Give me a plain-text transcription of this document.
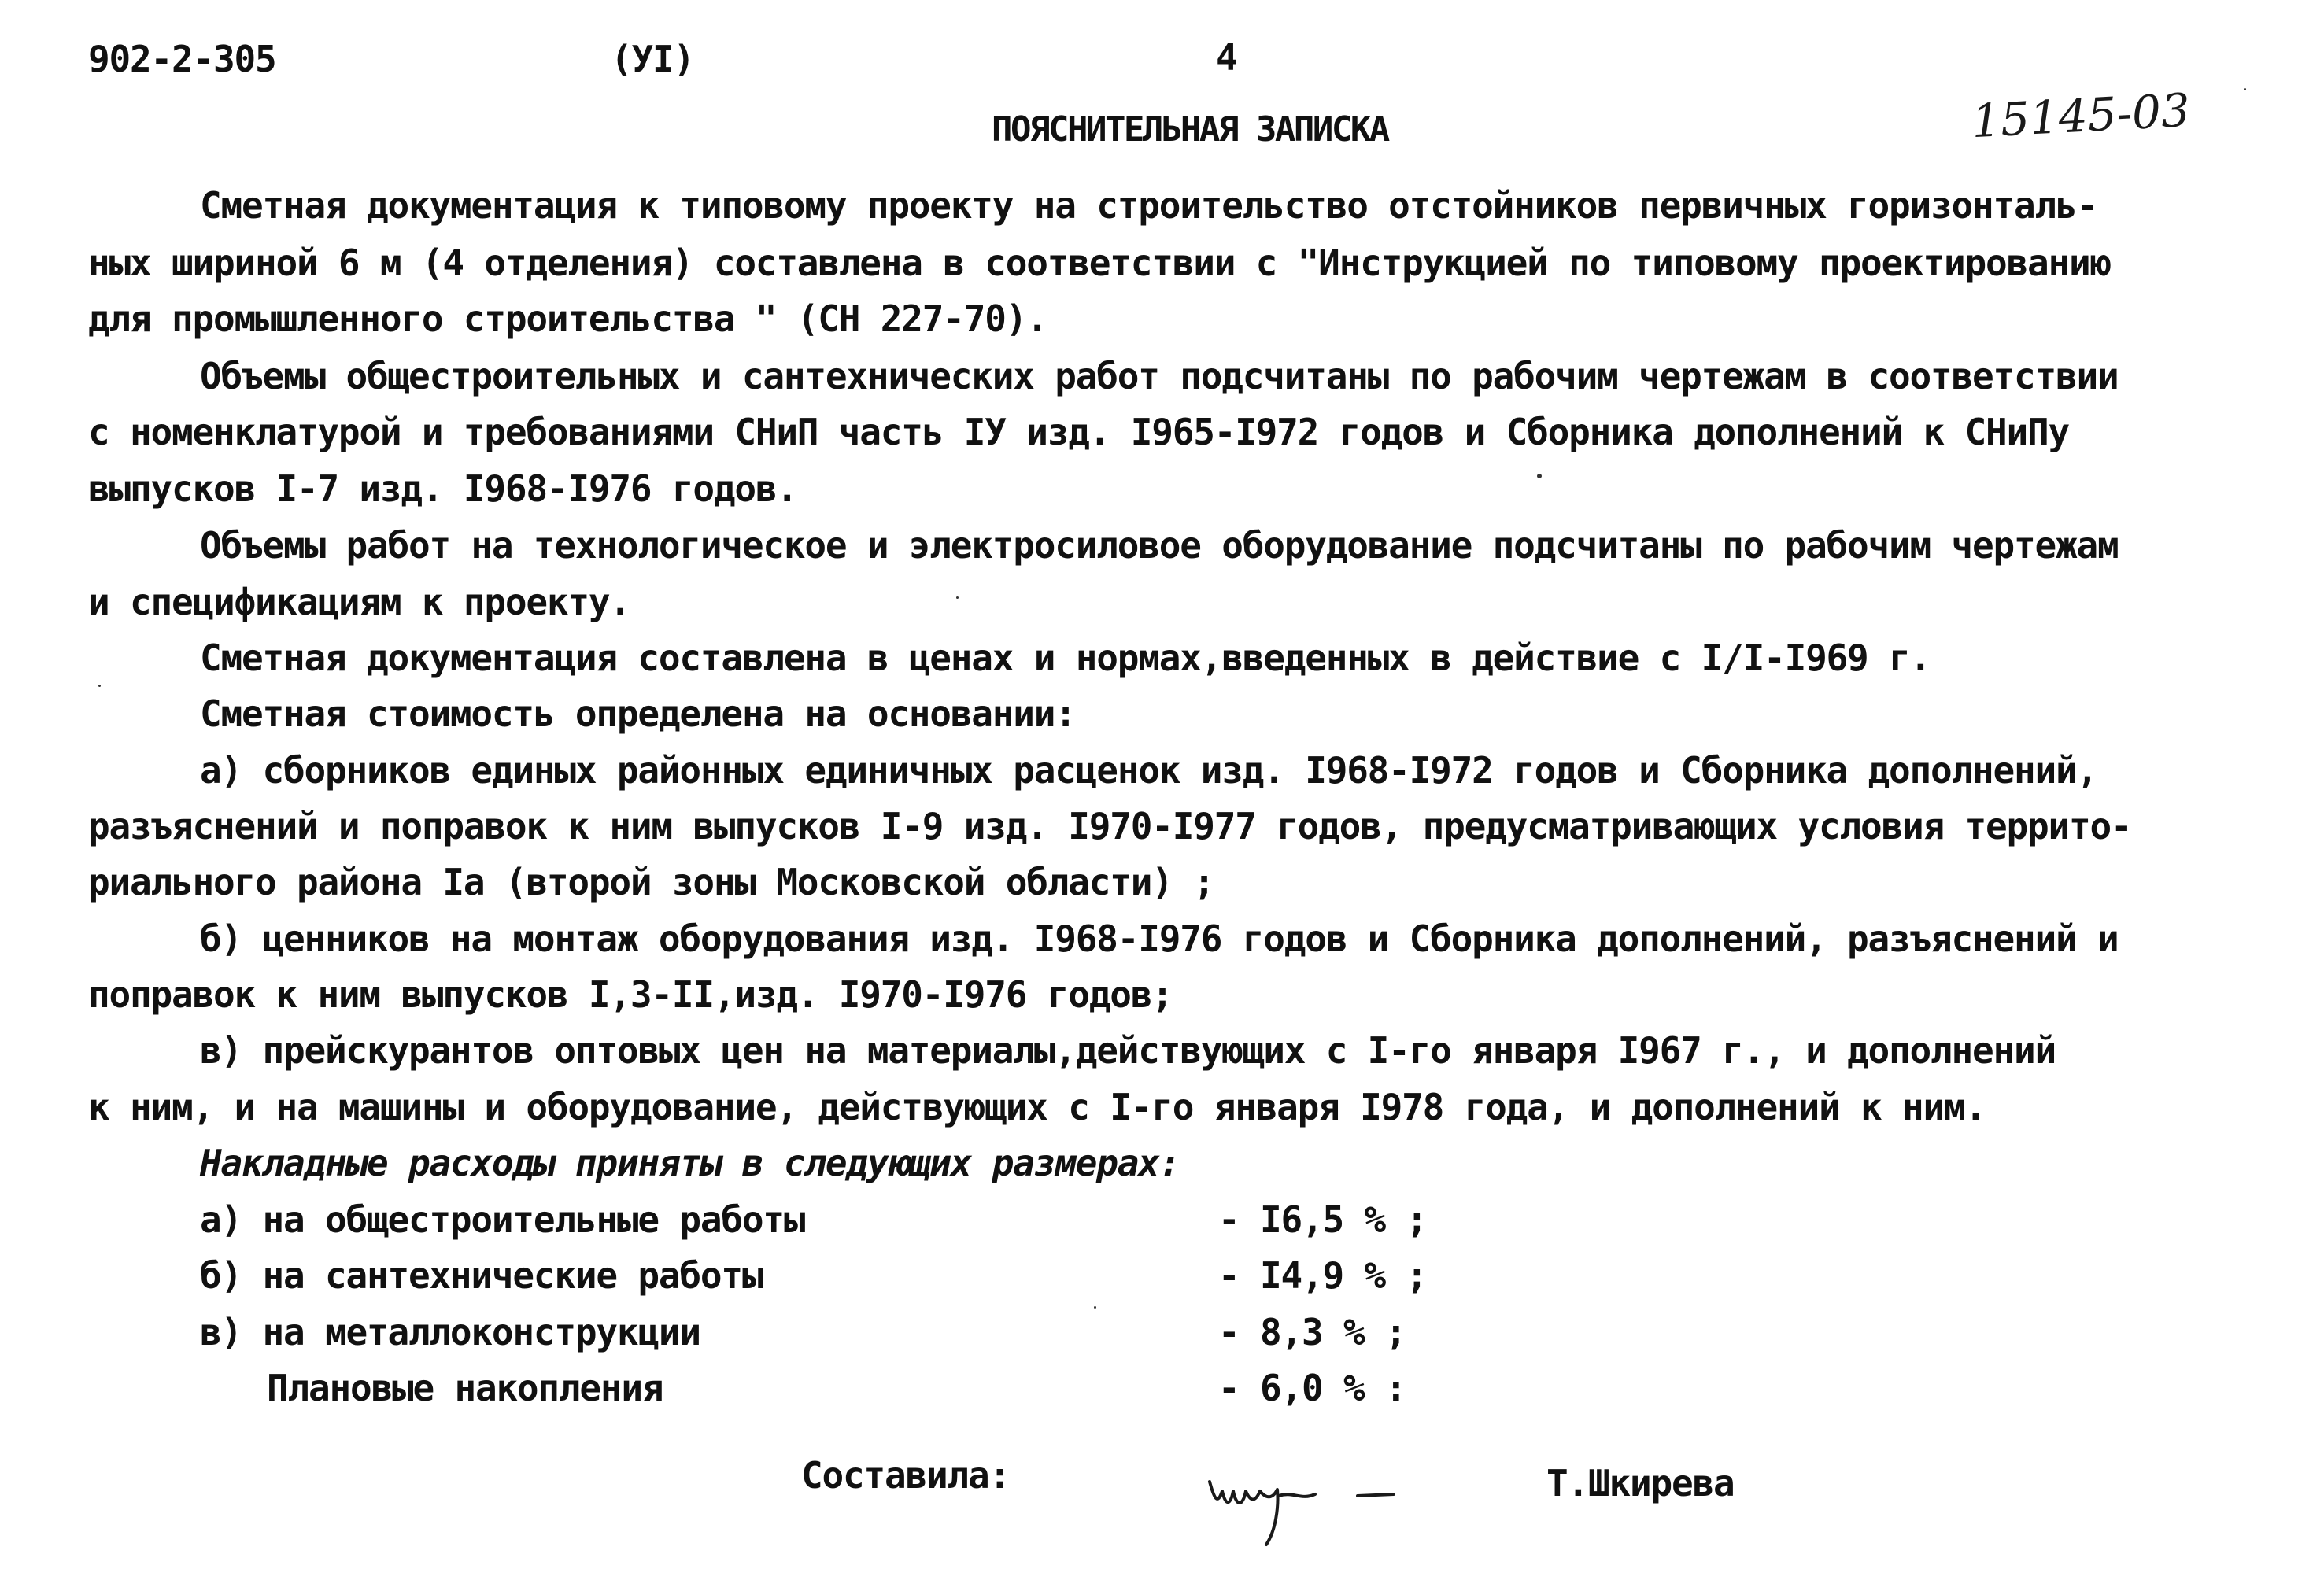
902-2-305	(УI)	4
15145-03
ПОЯСНИТЕЛЬНАЯ ЗАПИСКА
Сметная документация к типовому проекту на строительство отстойников первичных горизонталь-
ных шириной 6 м (4 отделения) составлена в соответствии с "Инструкцией по типовому проектированию
для промышленного строительства " (СН 227-70).
Объемы общестроительных и сантехнических работ подсчитаны по рабочим чертежам в соответствии
с номенклатурой и требованиями СНиП часть IУ изд. I965-I972 годов и Сборника дополнений к СНиПу
выпусков I-7 изд. I968-I976 годов.
Объемы работ на технологическое и электросиловое оборудование подсчитаны по рабочим чертежам
и спецификациям к проекту.
Сметная документация составлена в ценах и нормах,введенных в действие с I/I-I969 г.
Сметная стоимость определена на основании:
а) сборников единых районных единичных расценок изд. I968-I972 годов и Сборника дополнений,
разъяснений и поправок к ним выпусков I-9 изд. I970-I977 годов, предусматривающих условия террито-
риального района Iа (второй зоны Московской области) ;
б) ценников на монтаж оборудования изд. I968-I976 годов и Сборника дополнений, разъяснений и
поправок к ним выпусков I,3-II,изд. I970-I976 годов;
в) прейскурантов оптовых цен на материалы,действующих с I-го января I967 г., и дополнений
к ним, и на машины и оборудование, действующих с I-го января I978 года, и дополнений к ним.
Накладные расходы приняты в следующих размерах:
а) на общестроительные работы	- I6,5 % ;
б) на сантехнические работы	- I4,9 % ;
в) на металлоконструкции	- 8,3 % ;
Плановые накопления	- 6,0 % :
Составила:	Т.Шкирева
